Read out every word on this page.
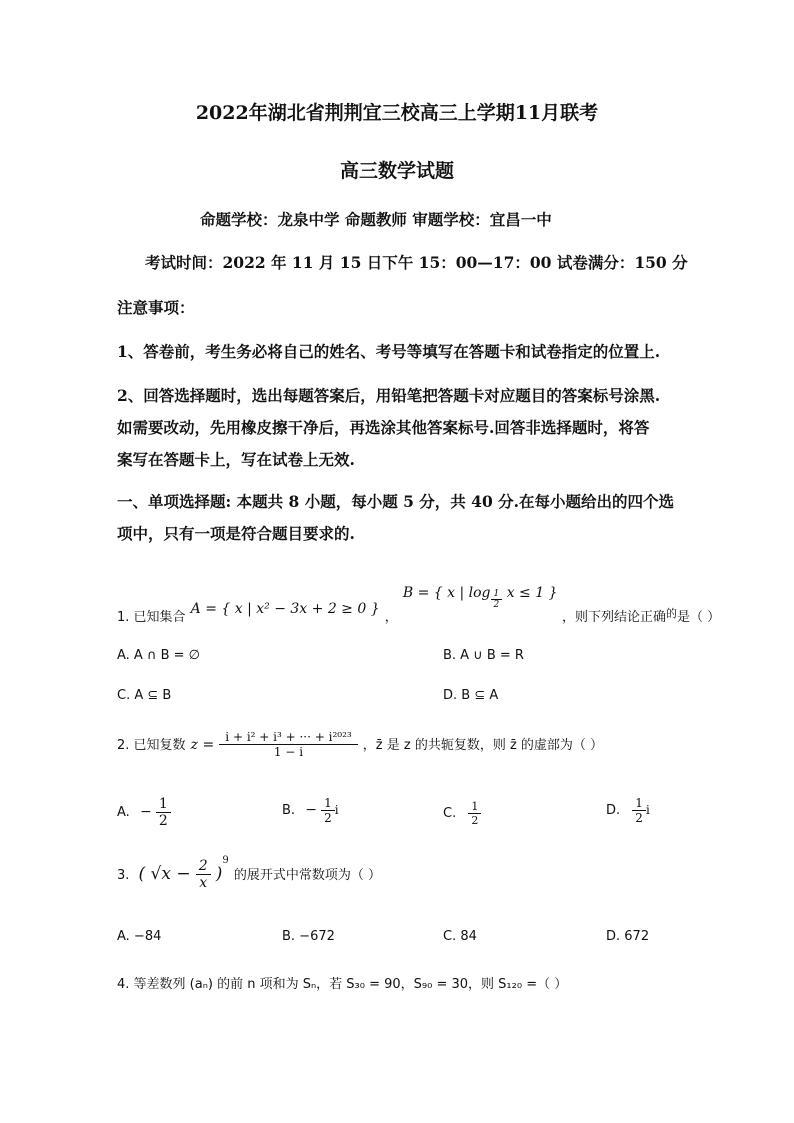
2022年湖北省荆荆宜三校高三上学期11月联考
高三数学试题
命题学校：龙泉中学 命题教师 审题学校：宜昌一中
考试时间：2022 年 11 月 15 日下午 15：00—17：00 试卷满分：150 分
注意事项：
1、答卷前，考生务必将自己的姓名、考号等填写在答题卡和试卷指定的位置上.
2、回答选择题时，选出每题答案后，用铅笔把答题卡对应题目的答案标号涂黑.
如需要改动，先用橡皮擦干净后，再选涂其他答案标号.回答非选择题时，将答
案写在答题卡上，写在试卷上无效.
一、单项选择题: 本题共 8 小题，每小题 5 分，共 40 分.在每小题给出的四个选
项中，只有一项是符合题目要求的.
$_{1. 已知集合}$ A = { x | x² − 3x + 2 ≥ 0 } $_,$ B = { x | $\log \frac{1}{2}$ x ≤ 1 } $_{,则下列结论正确的是( )}$
A. A ∩ B = ∅	B. A ∪ B = R
C. A ⊆ B	D. B ⊆ A
2. 已知复数 $z = \frac{\text{i + i² + i³ + ··· + i²⁰²³}}{1 - i}$ ，z̄ 是 z 的共轭复数，则 z̄ 的虚部为（ ）
A. − $\frac{1}{2}$	B. − $\frac{1}{2}$ i	C. $\frac{1}{2}$	D. $\frac{1}{2}$ i
3. ( $√x - \frac{2}{x} )^9$ 的展开式中常数项为（ ）
A. −84	B. −672	C. 84	D. 672
4. 等差数列 (aₙ) 的前 n 项和为 Sₙ，若 S₃₀ = 90，S₉₀ = 30，则 S₁₂₀ =（ ）
